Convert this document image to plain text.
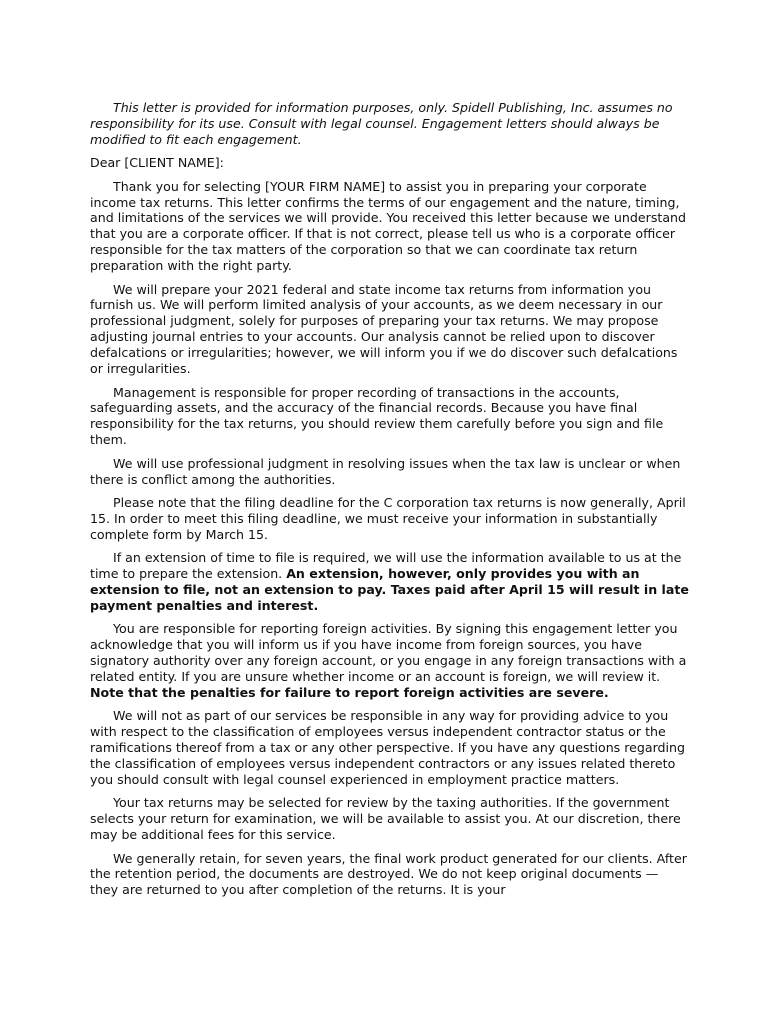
This letter is provided for information purposes, only. Spidell Publishing, Inc. assumes no responsibility for its use. Consult with legal counsel. Engagement letters should always be modified to fit each engagement.

Dear [CLIENT NAME]:

Thank you for selecting [YOUR FIRM NAME] to assist you in preparing your corporate income tax returns. This letter confirms the terms of our engagement and the nature, timing, and limitations of the services we will provide. You received this letter because we understand that you are a corporate officer. If that is not correct, please tell us who is a corporate officer responsible for the tax matters of the corporation so that we can coordinate tax return preparation with the right party.

We will prepare your 2021 federal and state income tax returns from information you furnish us. We will perform limited analysis of your accounts, as we deem necessary in our professional judgment, solely for purposes of preparing your tax returns. We may propose adjusting journal entries to your accounts. Our analysis cannot be relied upon to discover defalcations or irregularities; however, we will inform you if we do discover such defalcations or irregularities.

Management is responsible for proper recording of transactions in the accounts, safeguarding assets, and the accuracy of the financial records. Because you have final responsibility for the tax returns, you should review them carefully before you sign and file them.

We will use professional judgment in resolving issues when the tax law is unclear or when there is conflict among the authorities.

Please note that the filing deadline for the C corporation tax returns is now generally, April 15. In order to meet this filing deadline, we must receive your information in substantially complete form by March 15.

If an extension of time to file is required, we will use the information available to us at the time to prepare the extension. An extension, however, only provides you with an extension to file, not an extension to pay. Taxes paid after April 15 will result in late payment penalties and interest.

You are responsible for reporting foreign activities. By signing this engagement letter you acknowledge that you will inform us if you have income from foreign sources, you have signatory authority over any foreign account, or you engage in any foreign transactions with a related entity. If you are unsure whether income or an account is foreign, we will review it. Note that the penalties for failure to report foreign activities are severe.

We will not as part of our services be responsible in any way for providing advice to you with respect to the classification of employees versus independent contractor status or the ramifications thereof from a tax or any other perspective. If you have any questions regarding the classification of employees versus independent contractors or any issues related thereto you should consult with legal counsel experienced in employment practice matters.

Your tax returns may be selected for review by the taxing authorities. If the government selects your return for examination, we will be available to assist you. At our discretion, there may be additional fees for this service.

We generally retain, for seven years, the final work product generated for our clients. After the retention period, the documents are destroyed. We do not keep original documents — they are returned to you after completion of the returns. It is your
